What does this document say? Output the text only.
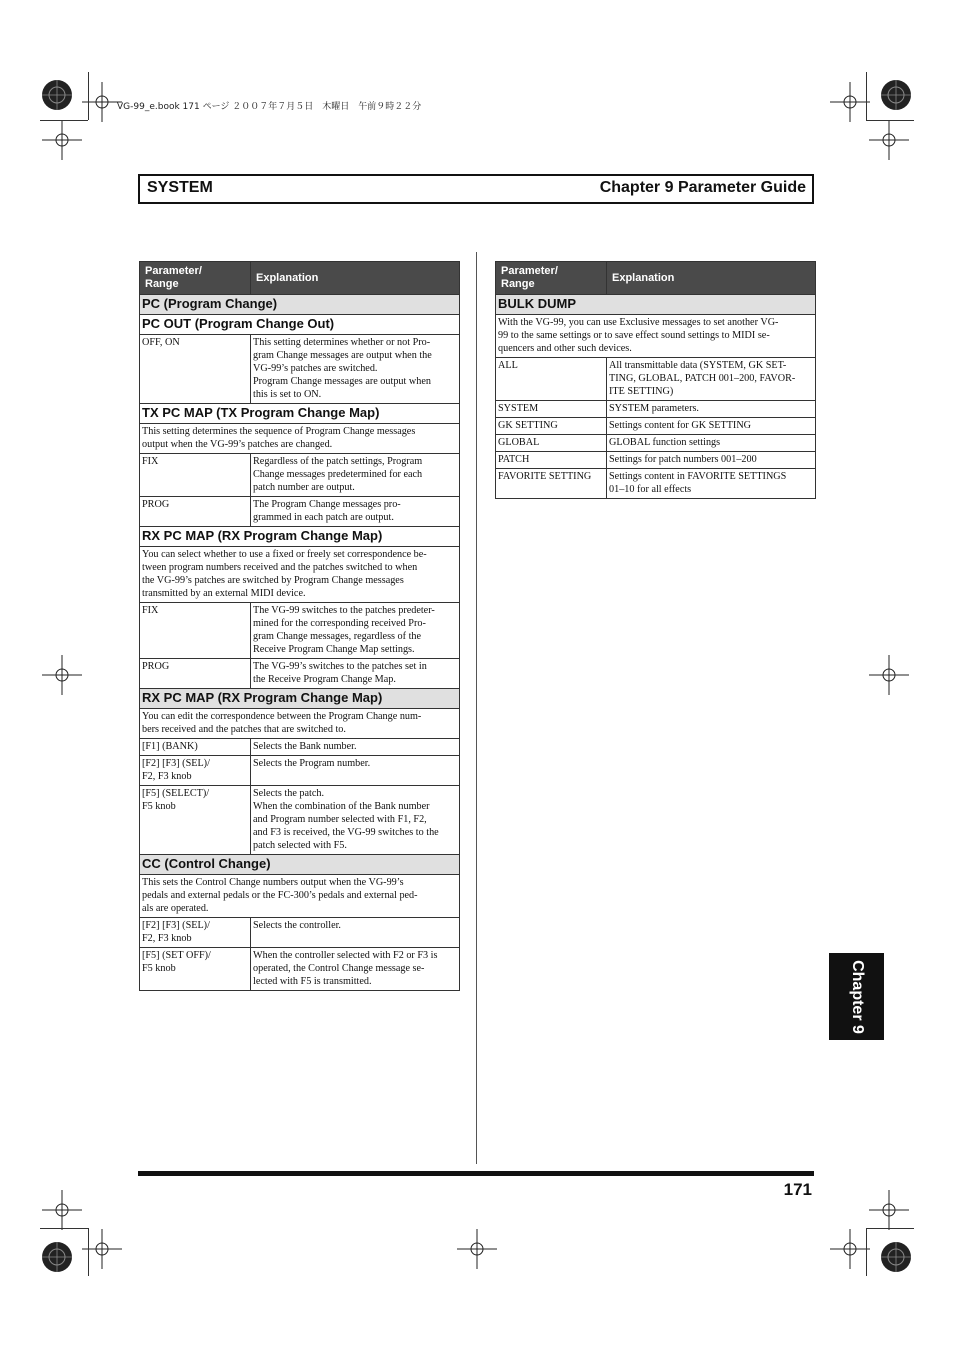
VG-99_e.book 171 ページ ２００７年７月５日　木曜日　午前９時２２分
SYSTEM	Chapter 9 Parameter Guide
Parameter/
Range	Explanation
PC (Program Change)	
PC OUT (Program Change Out)	
OFF, ON	This setting determines whether or not Pro-
gram Change messages are output when the
VG-99’s patches are switched.
Program Change messages are output when
this is set to ON.
TX PC MAP (TX Program Change Map)	
This setting determines the sequence of Program Change messages
output when the VG-99’s patches are changed.	
FIX	Regardless of the patch settings, Program
Change messages predetermined for each
patch number are output.
PROG	The Program Change messages pro-
grammed in each patch are output.
RX PC MAP (RX Program Change Map)	
You can select whether to use a fixed or freely set correspondence be-
tween program numbers received and the patches switched to when
the VG-99’s patches are switched by Program Change messages
transmitted by an external MIDI device.	
FIX	The VG-99 switches to the patches predeter-
mined for the corresponding received Pro-
gram Change messages, regardless of the
Receive Program Change Map settings.
PROG	The VG-99’s switches to the patches set in
the Receive Program Change Map.
RX PC MAP (RX Program Change Map)	
You can edit the correspondence between the Program Change num-
bers received and the patches that are switched to.	
[F1] (BANK)	Selects the Bank number.
[F2] [F3] (SEL)/
F2, F3 knob	Selects the Program number.
[F5] (SELECT)/
F5 knob	Selects the patch.
When the combination of the Bank number
and Program number selected with F1, F2,
and F3 is received, the VG-99 switches to the
patch selected with F5.
CC (Control Change)	
This sets the Control Change numbers output when the VG-99’s
pedals and external pedals or the FC-300’s pedals and external ped-
als are operated.	
[F2] [F3] (SEL)/
F2, F3 knob	Selects the controller.
[F5] (SET OFF)/
F5 knob	When the controller selected with F2 or F3 is
operated, the Control Change message se-
lected with F5 is transmitted.
Parameter/
Range	Explanation
BULK DUMP	
With the VG-99, you can use Exclusive messages to set another VG-
99 to the same settings or to save effect sound settings to MIDI se-
quencers and other such devices.	
ALL	All transmittable data (SYSTEM, GK SET-
TING, GLOBAL, PATCH 001–200, FAVOR-
ITE SETTING)
SYSTEM	SYSTEM parameters.
GK SETTING	Settings content for GK SETTING
GLOBAL	GLOBAL function settings
PATCH	Settings for patch numbers 001–200
FAVORITE SETTING	Settings content in FAVORITE SETTINGS
01–10 for all effects
171
Chapter 9
